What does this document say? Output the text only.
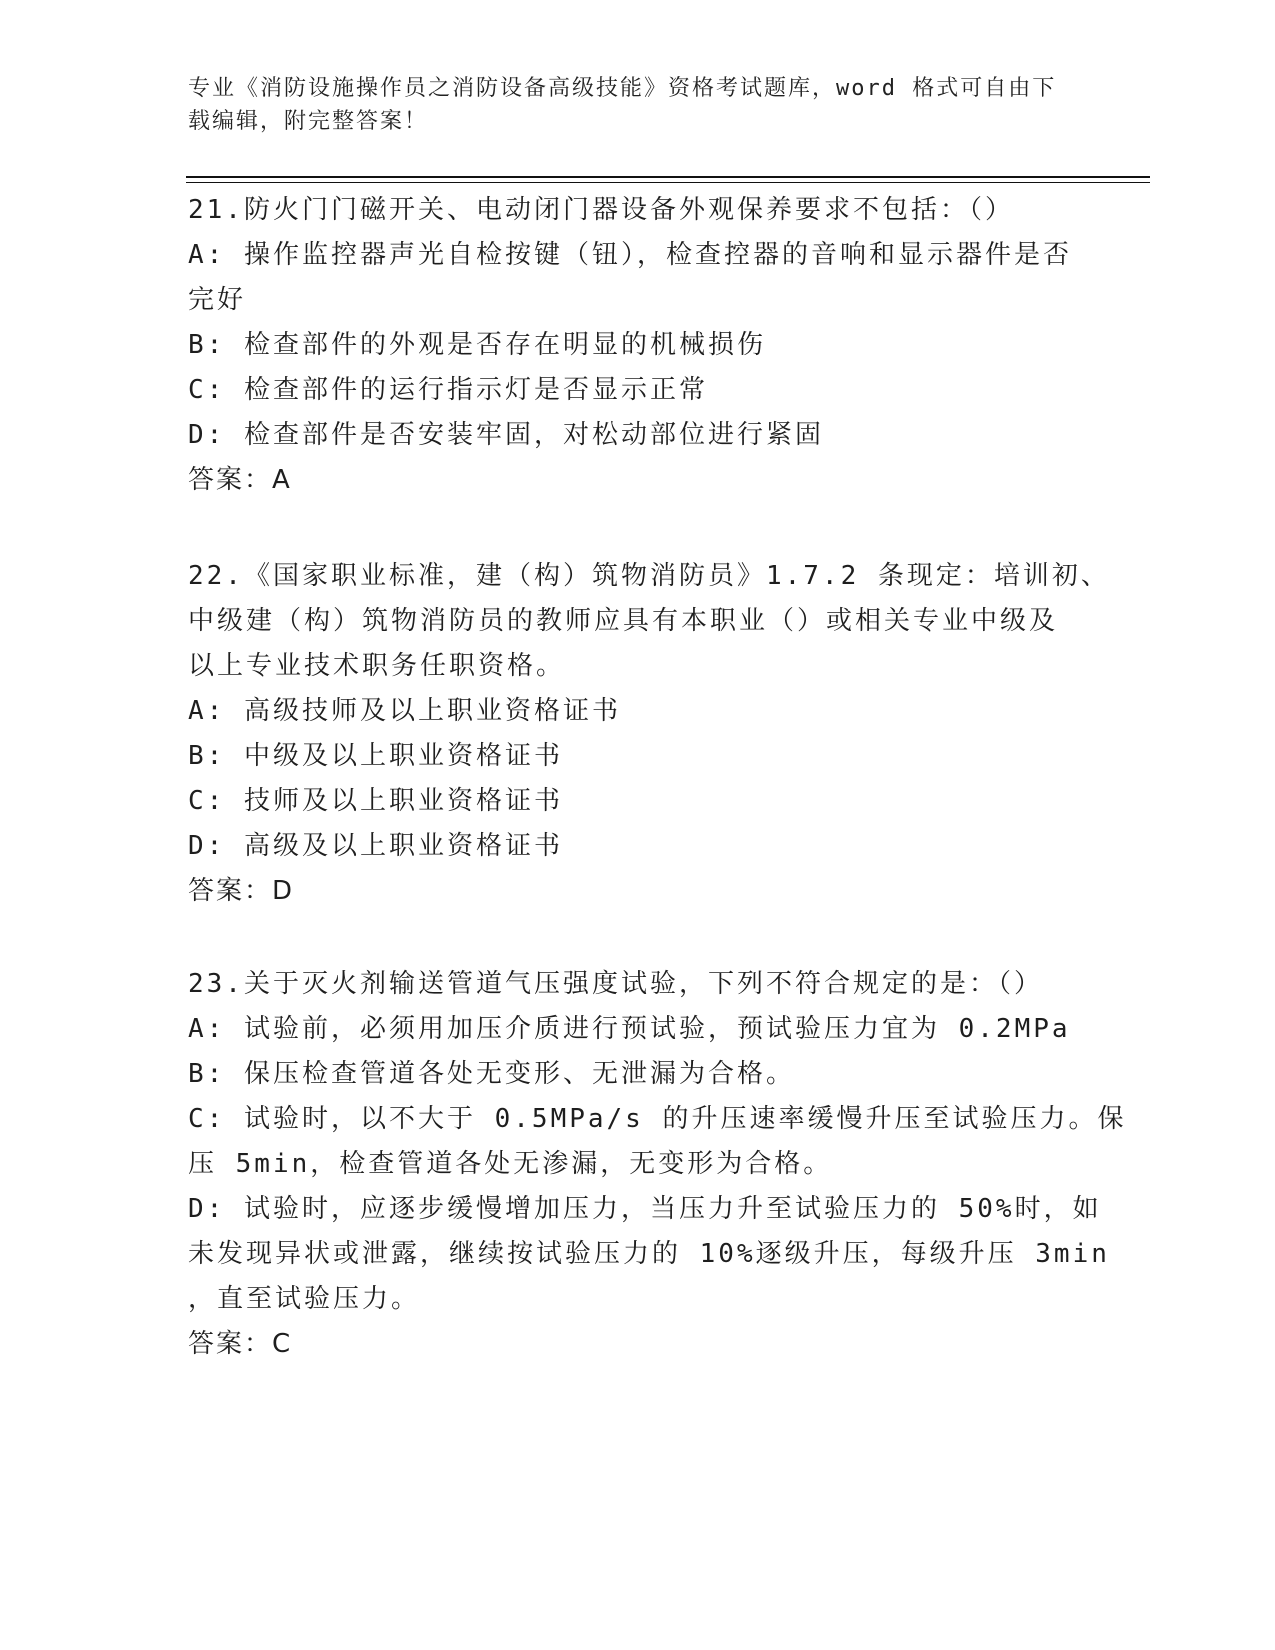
专业《消防设施操作员之消防设备高级技能》资格考试题库，word 格式可自由下
载编辑，附完整答案！
21.防火门门磁开关、电动闭门器设备外观保养要求不包括：（）
A: 操作监控器声光自检按键（钮），检查控器的音响和显示器件是否
完好
B: 检查部件的外观是否存在明显的机械损伤
C: 检查部件的运行指示灯是否显示正常
D: 检查部件是否安装牢固，对松动部位进行紧固
答案：A
22.《国家职业标准，建（构）筑物消防员》1.7.2 条现定：培训初、
中级建（构）筑物消防员的教师应具有本职业（）或相关专业中级及
以上专业技术职务任职资格。
A: 高级技师及以上职业资格证书
B: 中级及以上职业资格证书
C: 技师及以上职业资格证书
D: 高级及以上职业资格证书
答案：D
23.关于灭火剂输送管道气压强度试验，下列不符合规定的是：（）
A: 试验前，必须用加压介质进行预试验，预试验压力宜为 0.2MPa
B: 保压检查管道各处无变形、无泄漏为合格。
C: 试验时，以不大于 0.5MPa/s 的升压速率缓慢升压至试验压力。保
压 5min，检查管道各处无渗漏，无变形为合格。
D: 试验时，应逐步缓慢增加压力，当压力升至试验压力的 50%时，如
未发现异状或泄露，继续按试验压力的 10%逐级升压，每级升压 3min
，直至试验压力。
答案：C
